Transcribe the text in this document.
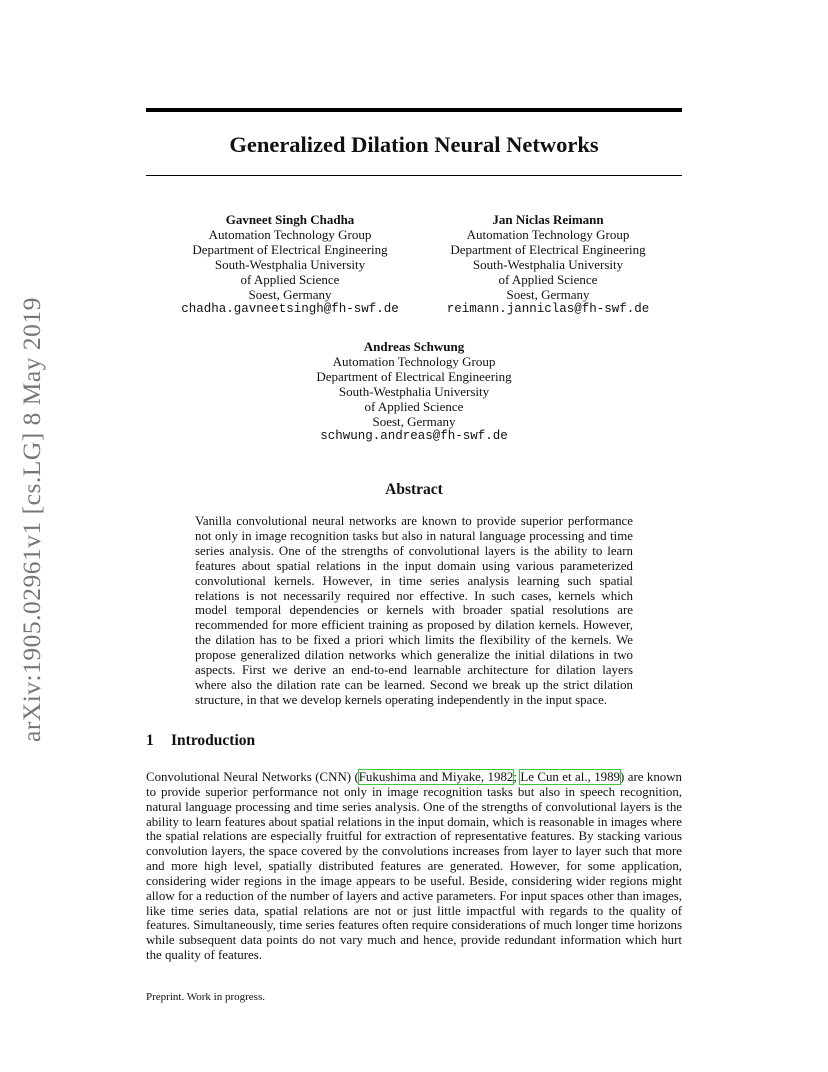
arXiv:1905.02961v1 [cs.LG] 8 May 2019
Generalized Dilation Neural Networks
Gavneet Singh Chadha
Automation Technology Group
Department of Electrical Engineering
South-Westphalia University
of Applied Science
Soest, Germany
chadha.gavneetsingh@fh-swf.de
Jan Niclas Reimann
Automation Technology Group
Department of Electrical Engineering
South-Westphalia University
of Applied Science
Soest, Germany
reimann.janniclas@fh-swf.de
Andreas Schwung
Automation Technology Group
Department of Electrical Engineering
South-Westphalia University
of Applied Science
Soest, Germany
schwung.andreas@fh-swf.de
Abstract
Vanilla convolutional neural networks are known to provide superior performance not only in image recognition tasks but also in natural language processing and time series analysis. One of the strengths of convolutional layers is the ability to learn features about spatial relations in the input domain using various parameterized convolutional kernels. However, in time series analysis learning such spatial relations is not necessarily required nor effective. In such cases, kernels which model temporal dependencies or kernels with broader spatial resolutions are recommended for more efficient training as proposed by dilation kernels. However, the dilation has to be fixed a priori which limits the flexibility of the kernels. We propose generalized dilation networks which generalize the initial dilations in two aspects. First we derive an end-to-end learnable architecture for dilation layers where also the dilation rate can be learned. Second we break up the strict dilation structure, in that we develop kernels operating independently in the input space.
1 Introduction
Convolutional Neural Networks (CNN) (Fukushima and Miyake, 1982; Le Cun et al., 1989) are known to provide superior performance not only in image recognition tasks but also in speech recognition, natural language processing and time series analysis. One of the strengths of convolutional layers is the ability to learn features about spatial relations in the input domain, which is reasonable in images where the spatial relations are especially fruitful for extraction of representative features. By stacking various convolution layers, the space covered by the convolutions increases from layer to layer such that more and more high level, spatially distributed features are generated. However, for some application, considering wider regions in the image appears to be useful. Beside, considering wider regions might allow for a reduction of the number of layers and active parameters. For input spaces other than images, like time series data, spatial relations are not or just little impactful with regards to the quality of features. Simultaneously, time series features often require considerations of much longer time horizons while subsequent data points do not vary much and hence, provide redundant information which hurt the quality of features.
Preprint. Work in progress.
